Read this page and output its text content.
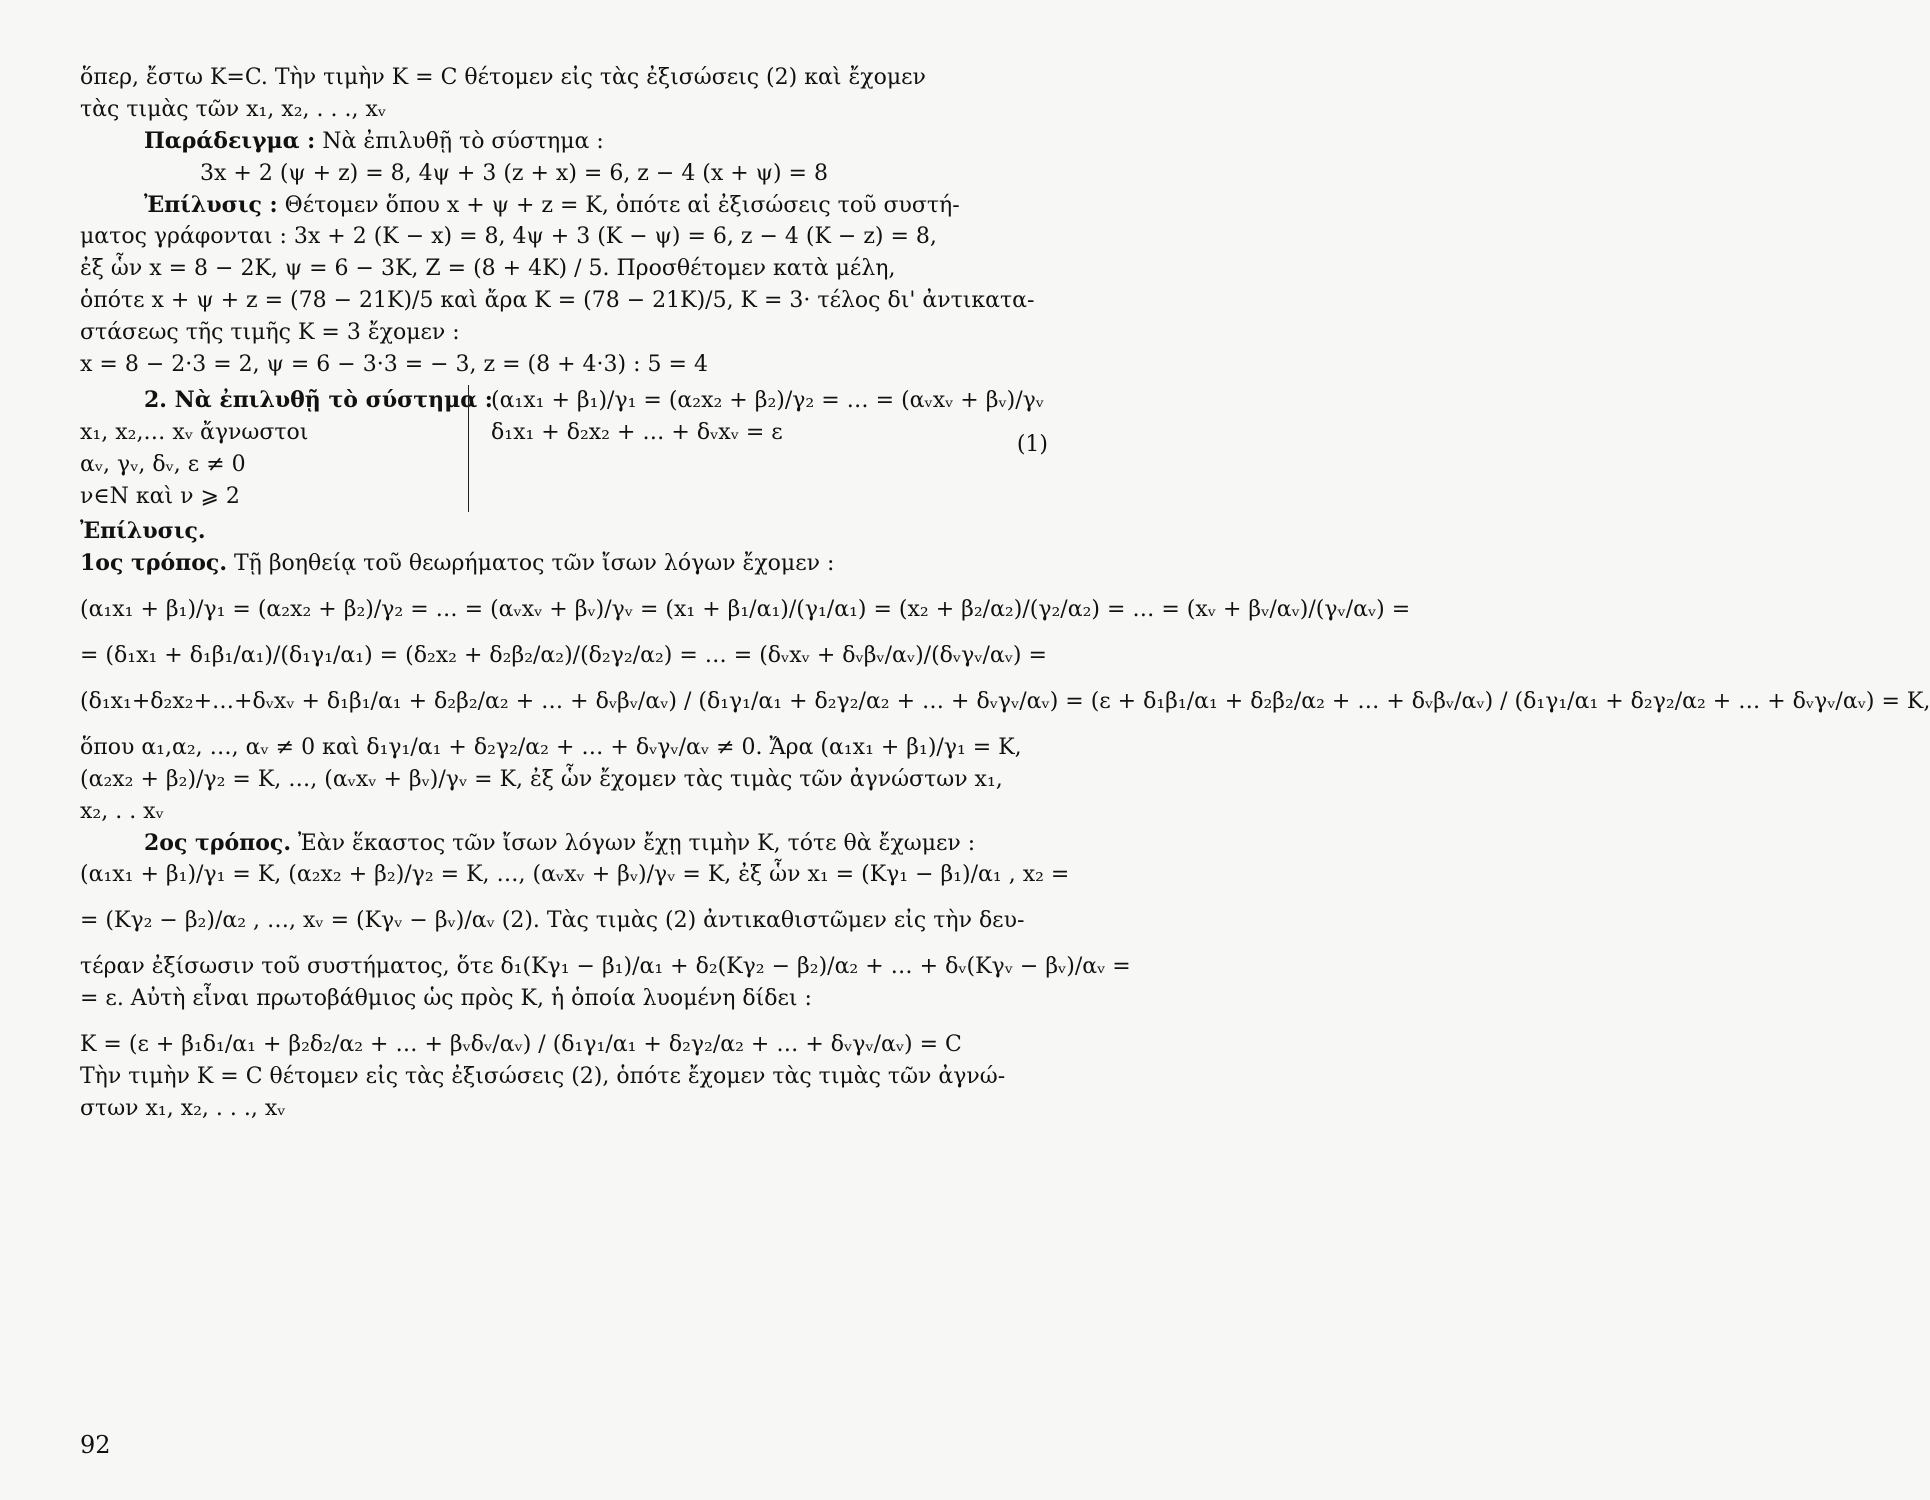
ὅπερ, ἔστω K=C. Τὴν τιμὴν K = C θέτομεν εἰς τὰς ἐξισώσεις (2) καὶ ἔχομεν
τὰς τιμὰς τῶν x₁, x₂, . . ., xᵥ
Παράδειγμα : Νὰ ἐπιλυθῇ τὸ σύστημα :
3x + 2 (ψ + z) = 8, 4ψ + 3 (z + x) = 6, z − 4 (x + ψ) = 8
Ἐπίλυσις : Θέτομεν ὅπου x + ψ + z = K, ὁπότε αἱ ἐξισώσεις τοῦ συστή-
ματος γράφονται : 3x + 2 (K − x) = 8, 4ψ + 3 (K − ψ) = 6, z − 4 (K − z) = 8,
ἐξ ὧν x = 8 − 2K, ψ = 6 − 3K, Z = (8 + 4K) / 5. Προσθέτομεν κατὰ μέλη,
ὁπότε x + ψ + z = (78 − 21K)/5 καὶ ἄρα K = (78 − 21K)/5, K = 3· τέλος δι' ἀντικατα-
στάσεως τῆς τιμῆς K = 3 ἔχομεν :
x = 8 − 2·3 = 2, ψ = 6 − 3·3 = − 3, z = (8 + 4·3) : 5 = 4
2. Νὰ ἐπιλυθῇ τὸ σύστημα :
x₁, x₂,… xᵥ ἄγνωστοι
αᵥ, γᵥ, δᵥ, ε ≠ 0
ν∈N καὶ ν ⩾ 2
(α₁x₁ + β₁)/γ₁ = (α₂x₂ + β₂)/γ₂ = … = (αᵥxᵥ + βᵥ)/γᵥ
δ₁x₁ + δ₂x₂ + … + δᵥxᵥ = ε	(1)
Ἐπίλυσις.
1ος τρόπος. Τῇ βοηθείᾳ τοῦ θεωρήματος τῶν ἴσων λόγων ἔχομεν :
(α₁x₁ + β₁)/γ₁ = (α₂x₂ + β₂)/γ₂ = … = (αᵥxᵥ + βᵥ)/γᵥ = (x₁ + β₁/α₁)/(γ₁/α₁) = (x₂ + β₂/α₂)/(γ₂/α₂) = … = (xᵥ + βᵥ/αᵥ)/(γᵥ/αᵥ) =
= (δ₁x₁ + δ₁β₁/α₁)/(δ₁γ₁/α₁) = (δ₂x₂ + δ₂β₂/α₂)/(δ₂γ₂/α₂) = … = (δᵥxᵥ + δᵥβᵥ/αᵥ)/(δᵥγᵥ/αᵥ) =
(δ₁x₁+δ₂x₂+…+δᵥxᵥ + δ₁β₁/α₁ + δ₂β₂/α₂ + … + δᵥβᵥ/αᵥ) / (δ₁γ₁/α₁ + δ₂γ₂/α₂ + … + δᵥγᵥ/αᵥ) = (ε + δ₁β₁/α₁ + δ₂β₂/α₂ + … + δᵥβᵥ/αᵥ) / (δ₁γ₁/α₁ + δ₂γ₂/α₂ + … + δᵥγᵥ/αᵥ) = K,
ὅπου α₁,α₂, …, αᵥ ≠ 0 καὶ δ₁γ₁/α₁ + δ₂γ₂/α₂ + … + δᵥγᵥ/αᵥ ≠ 0. Ἄρα (α₁x₁ + β₁)/γ₁ = K,
(α₂x₂ + β₂)/γ₂ = K, …, (αᵥxᵥ + βᵥ)/γᵥ = K, ἐξ ὧν ἔχομεν τὰς τιμὰς τῶν ἀγνώστων x₁,
x₂, . . xᵥ
2ος τρόπος. Ἐὰν ἕκαστος τῶν ἴσων λόγων ἔχῃ τιμὴν K, τότε θὰ ἔχωμεν :
(α₁x₁ + β₁)/γ₁ = K, (α₂x₂ + β₂)/γ₂ = K, …, (αᵥxᵥ + βᵥ)/γᵥ = K, ἐξ ὧν x₁ = (Kγ₁ − β₁)/α₁ , x₂ =
= (Kγ₂ − β₂)/α₂ , …, xᵥ = (Kγᵥ − βᵥ)/αᵥ (2). Τὰς τιμὰς (2) ἀντικαθιστῶμεν εἰς τὴν δευ-
τέραν ἐξίσωσιν τοῦ συστήματος, ὅτε δ₁(Kγ₁ − β₁)/α₁ + δ₂(Kγ₂ − β₂)/α₂ + … + δᵥ(Kγᵥ − βᵥ)/αᵥ =
= ε. Αὐτὴ εἶναι πρωτοβάθμιος ὡς πρὸς K, ἡ ὁποία λυομένη δίδει :
K = (ε + β₁δ₁/α₁ + β₂δ₂/α₂ + … + βᵥδᵥ/αᵥ) / (δ₁γ₁/α₁ + δ₂γ₂/α₂ + … + δᵥγᵥ/αᵥ) = C
Τὴν τιμὴν K = C θέτομεν εἰς τὰς ἐξισώσεις (2), ὁπότε ἔχομεν τὰς τιμὰς τῶν ἀγνώ-
στων x₁, x₂, . . ., xᵥ
92
